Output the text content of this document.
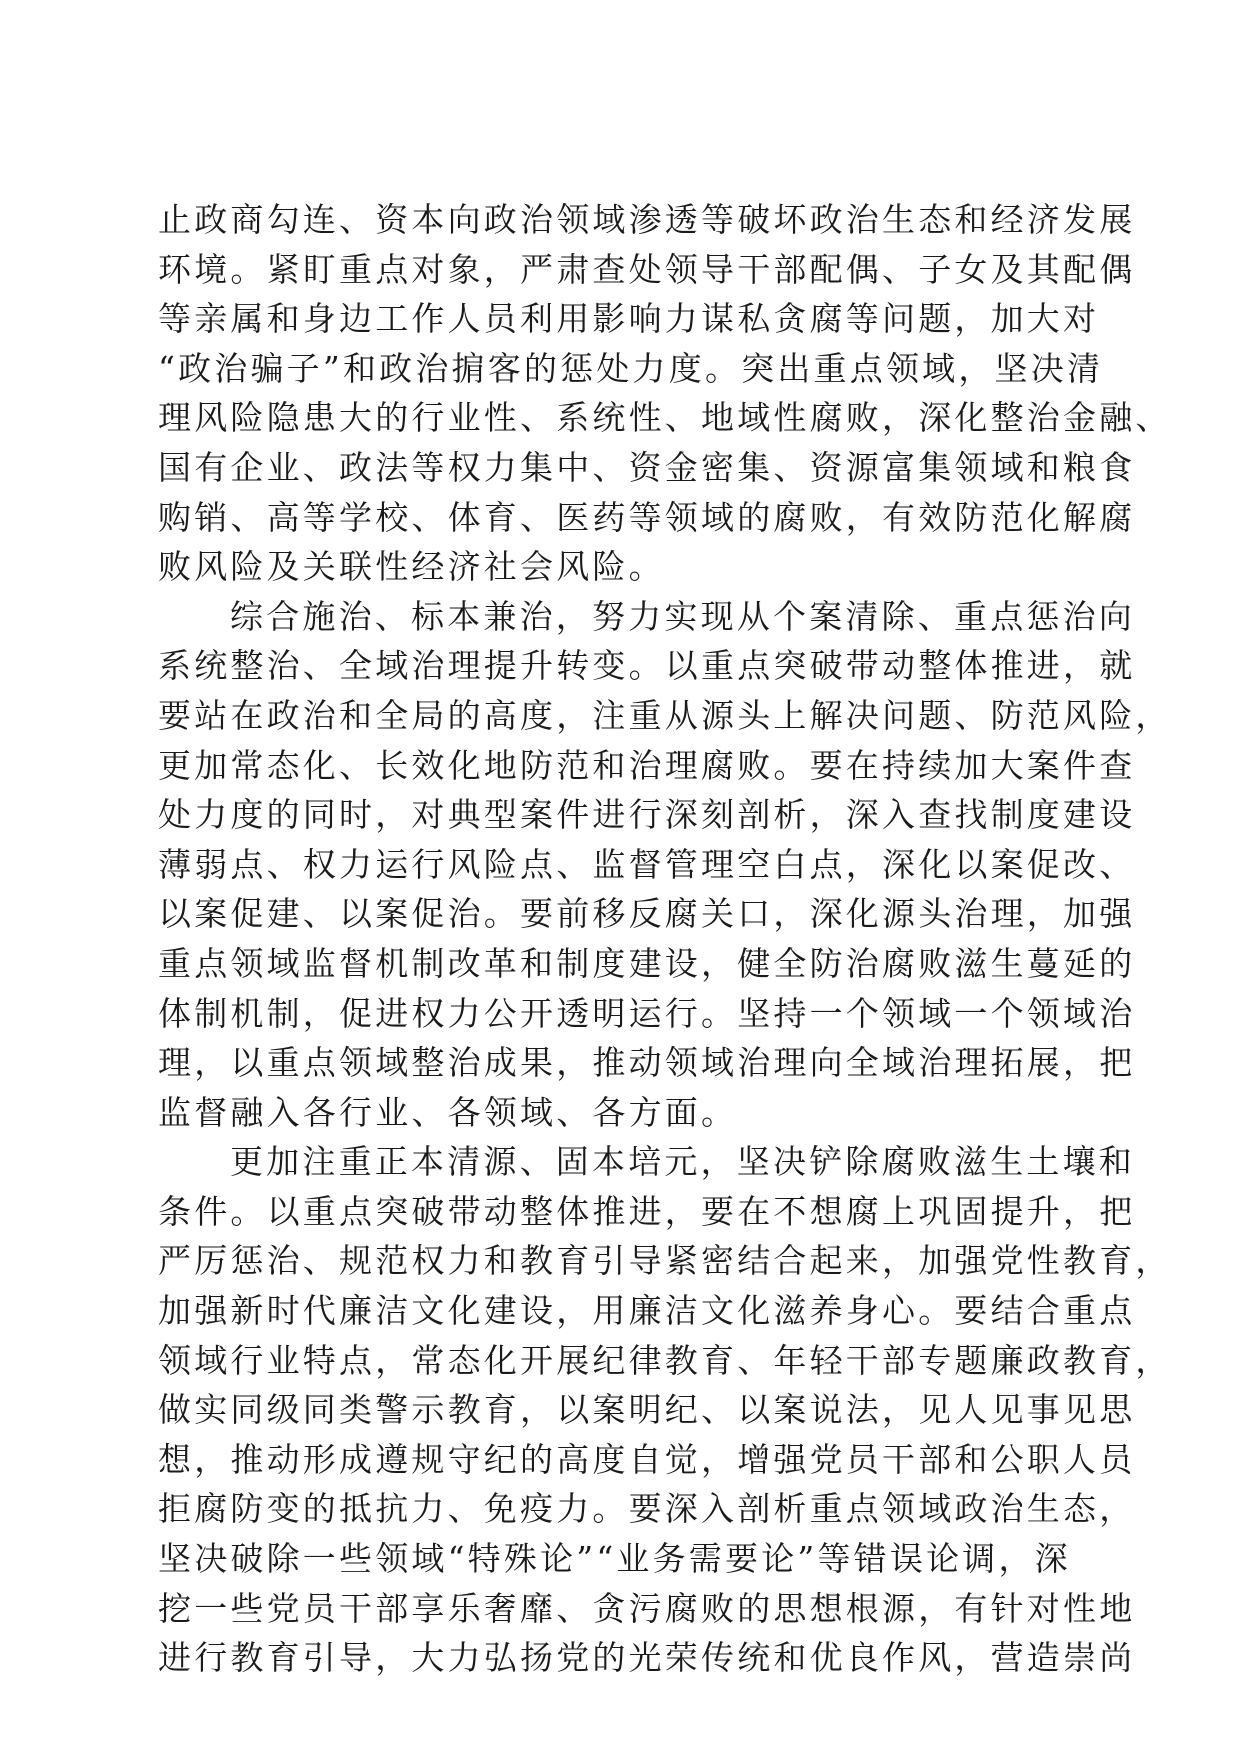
止政商勾连、资本向政治领域渗透等破坏政治生态和经济发展
环境。紧盯重点对象，严肃查处领导干部配偶、子女及其配偶
等亲属和身边工作人员利用影响力谋私贪腐等问题，加大对
“政治骗子”和政治掮客的惩处力度。突出重点领域，坚决清
理风险隐患大的行业性、系统性、地域性腐败，深化整治金融、
国有企业、政法等权力集中、资金密集、资源富集领域和粮食
购销、高等学校、体育、医药等领域的腐败，有效防范化解腐
败风险及关联性经济社会风险。
综合施治、标本兼治，努力实现从个案清除、重点惩治向
系统整治、全域治理提升转变。以重点突破带动整体推进，就
要站在政治和全局的高度，注重从源头上解决问题、防范风险，
更加常态化、长效化地防范和治理腐败。要在持续加大案件查
处力度的同时，对典型案件进行深刻剖析，深入查找制度建设
薄弱点、权力运行风险点、监督管理空白点，深化以案促改、
以案促建、以案促治。要前移反腐关口，深化源头治理，加强
重点领域监督机制改革和制度建设，健全防治腐败滋生蔓延的
体制机制，促进权力公开透明运行。坚持一个领域一个领域治
理，以重点领域整治成果，推动领域治理向全域治理拓展，把
监督融入各行业、各领域、各方面。
更加注重正本清源、固本培元，坚决铲除腐败滋生土壤和
条件。以重点突破带动整体推进，要在不想腐上巩固提升，把
严厉惩治、规范权力和教育引导紧密结合起来，加强党性教育，
加强新时代廉洁文化建设，用廉洁文化滋养身心。要结合重点
领域行业特点，常态化开展纪律教育、年轻干部专题廉政教育，
做实同级同类警示教育，以案明纪、以案说法，见人见事见思
想，推动形成遵规守纪的高度自觉，增强党员干部和公职人员
拒腐防变的抵抗力、免疫力。要深入剖析重点领域政治生态，
坚决破除一些领域“特殊论”“业务需要论”等错误论调，深
挖一些党员干部享乐奢靡、贪污腐败的思想根源，有针对性地
进行教育引导，大力弘扬党的光荣传统和优良作风，营造崇尚
